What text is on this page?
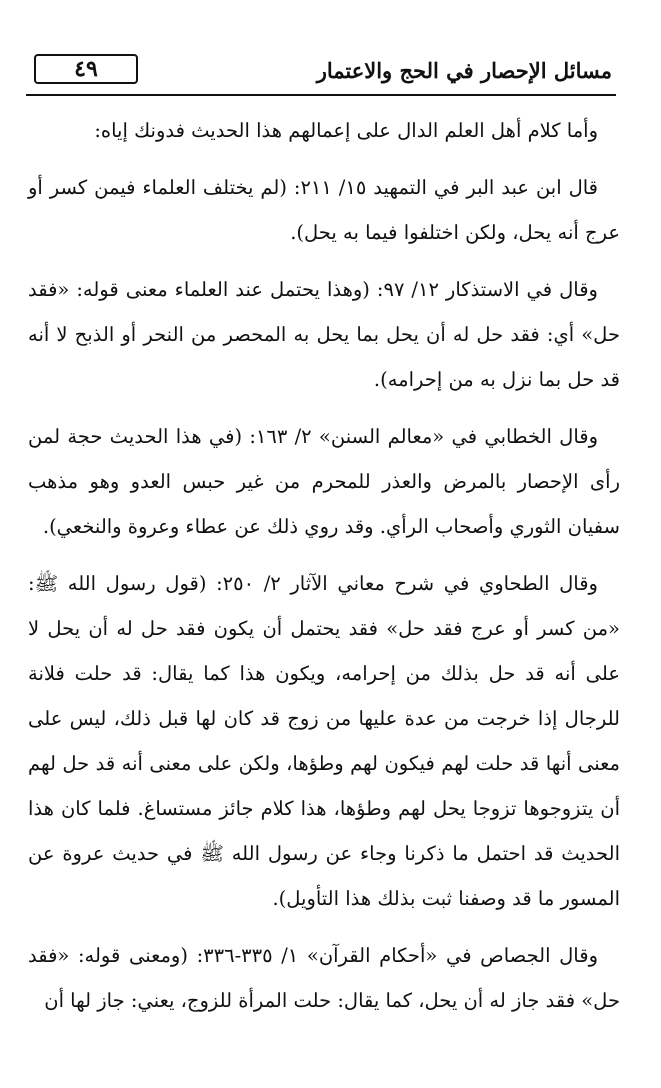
٤٩	مسائل الإحصار في الحج والاعتمار

وأما كلام أهل العلم الدال على إعمالهم هذا الحديث فدونك إياه:

قال ابن عبد البر في التمهيد ١٥/ ٢١١: (لم يختلف العلماء فيمن كسر أو عرج أنه يحل، ولكن اختلفوا فيما به يحل).

وقال في الاستذكار ١٢/ ٩٧: (وهذا يحتمل عند العلماء معنى قوله: «فقد حل» أي: فقد حل له أن يحل بما يحل به المحصر من النحر أو الذبح لا أنه قد حل بما نزل به من إحرامه).

وقال الخطابي في «معالم السنن» ٢/ ١٦٣: (في هذا الحديث حجة لمن رأى الإحصار بالمرض والعذر للمحرم من غير حبس العدو وهو مذهب سفيان الثوري وأصحاب الرأي. وقد روي ذلك عن عطاء وعروة والنخعي).

وقال الطحاوي في شرح معاني الآثار ٢/ ٢٥٠: (قول رسول الله ﷺ: «من كسر أو عرج فقد حل» فقد يحتمل أن يكون فقد حل له أن يحل لا على أنه قد حل بذلك من إحرامه، ويكون هذا كما يقال: قد حلت فلانة للرجال إذا خرجت من عدة عليها من زوج قد كان لها قبل ذلك، ليس على معنى أنها قد حلت لهم فيكون لهم وطؤها، ولكن على معنى أنه قد حل لهم أن يتزوجوها تزوجا يحل لهم وطؤها، هذا كلام جائز مستساغ. فلما كان هذا الحديث قد احتمل ما ذكرنا وجاء عن رسول الله ﷺ في حديث عروة عن المسور ما قد وصفنا ثبت بذلك هذا التأويل).

وقال الجصاص في «أحكام القرآن» ١/ ٣٣٥-٣٣٦: (ومعنى قوله: «فقد حل» فقد جاز له أن يحل، كما يقال: حلت المرأة للزوج، يعني: جاز لها أن
